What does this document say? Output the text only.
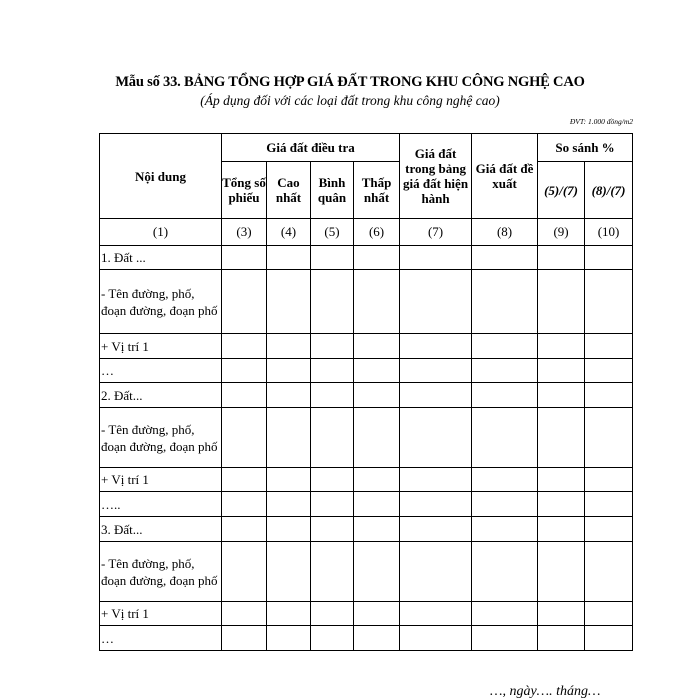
Mẫu số 33. BẢNG TỔNG HỢP GIÁ ĐẤT TRONG KHU CÔNG NGHỆ CAO
(Áp dụng đối với các loại đất trong khu công nghệ cao)
ĐVT: 1.000 đồng/m2
Nội dung	Giá đất điều tra				Giá đất trong bảng giá đất hiện hành	Giá đất đề xuất	So sánh %	
	Tổng số phiếu	Cao nhất	Bình quân	Thấp nhất			(5)/(7)	(8)/(7)
(1)	(3)	(4)	(5)	(6)	(7)	(8)	(9)	(10)
1. Đất ...								
- Tên đường, phố, đoạn đường, đoạn phố								
+ Vị trí 1								
…								
2. Đất...								
- Tên đường, phố, đoạn đường, đoạn phố								
+ Vị trí 1								
…..								
3. Đất...								
- Tên đường, phố, đoạn đường, đoạn phố								
+ Vị trí 1								
…								
…, ngày…. tháng…
